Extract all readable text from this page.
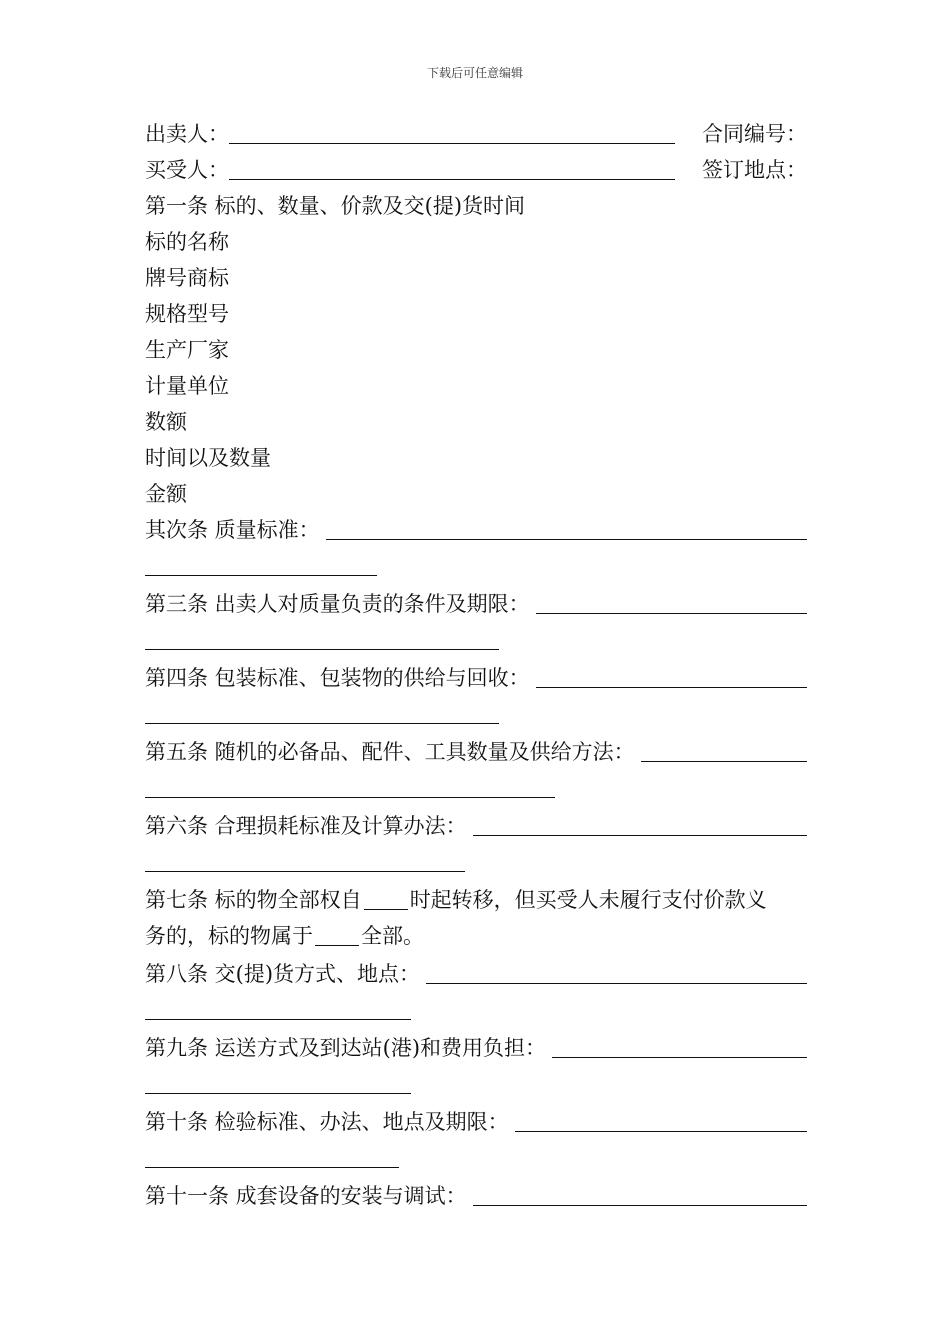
下载后可任意编辑
出卖人：	合同编号：
买受人：	签订地点：
第一条 标的、数量、价款及交(提)货时间
标的名称
牌号商标
规格型号
生产厂家
计量单位
数额
时间以及数量
金额
其次条 质量标准：
第三条 出卖人对质量负责的条件及期限：
第四条 包装标准、包装物的供给与回收：
第五条 随机的必备品、配件、工具数量及供给方法：
第六条 合理损耗标准及计算办法：
第七条 标的物全部权自 时起转移，但买受人未履行支付价款义
务的，标的物属于 全部。
第八条 交(提)货方式、地点：
第九条 运送方式及到达站(港)和费用负担：
第十条 检验标准、办法、地点及期限：
第十一条 成套设备的安装与调试：
